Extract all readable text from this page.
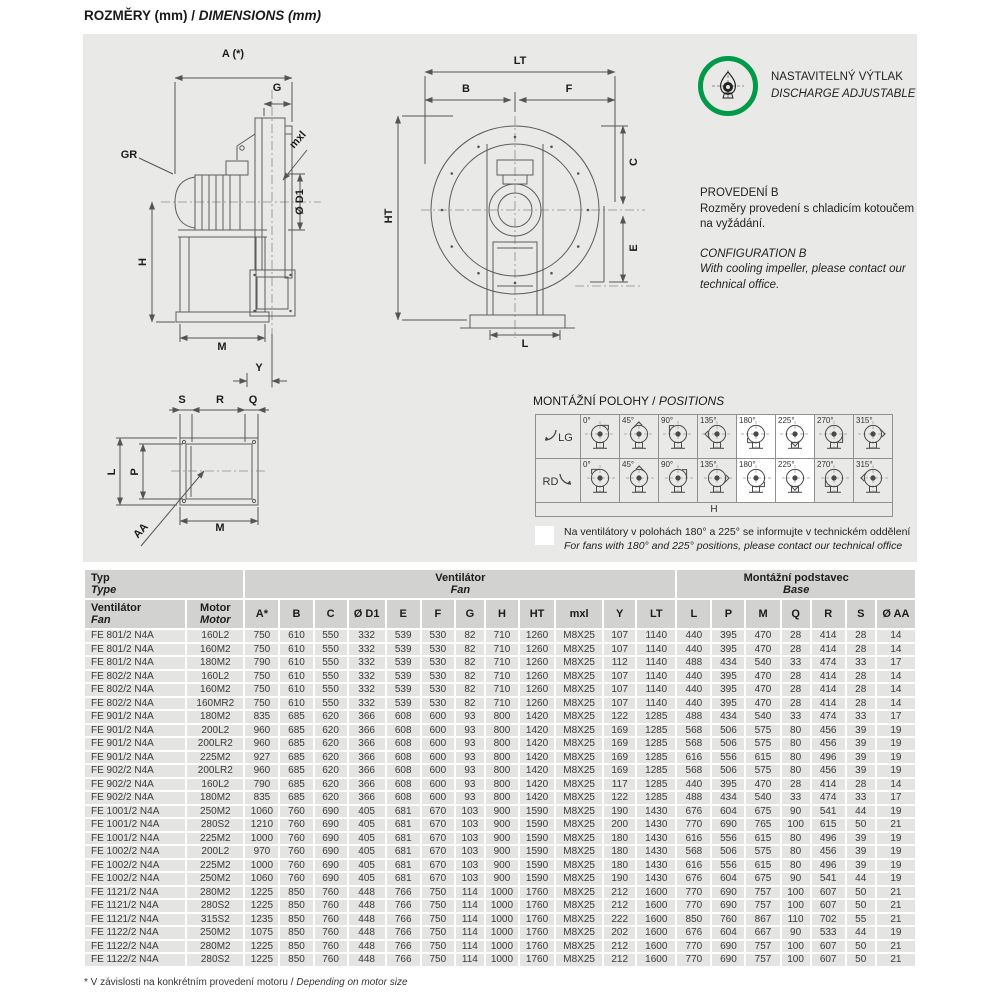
ROZMĚRY (mm) / DIMENSIONS (mm)
A (*)
G
GR
mxl
Ø D1
H
M
Y
LT
B	F
C
E
HT
L
S	R Q
L P
AA	M
NASTAVITELNÝ VÝTLAK
DISCHARGE ADJUSTABLE
PROVEDENÍ B
Rozměry provedení s chladicím kotoučem na vyžádání.
CONFIGURATION B
With cooling impeller, please contact our technical office.
MONTÁŽNÍ POLOHY / POSITIONS
LG	0°	45°	90°	135°	180°	225°	270°	315°

RD	0°	45°	90°	135°	180°	225°	270°	315°

H								
Na ventilátory v polohách 180° a 225° se informujte v technickém oddělení
For fans with 180° and 225° positions, please contact our technical office
Typ
Type

Ventilátor
Fan

Montážní podstavec
Base

Ventilátor
Fan

Motor
Motor	A*	B	C	Ø D1	E	F	G	H	HT	mxl	Y	LT	L	P	M	Q	R	S	Ø AA
FE 801/2 N4A	160L2	750	610	550	332	539	530	82	710	1260	M8X25	107	1140	440	395	470	28	414	28	14
FE 801/2 N4A	160M2	750	610	550	332	539	530	82	710	1260	M8X25	107	1140	440	395	470	28	414	28	14
FE 801/2 N4A	180M2	790	610	550	332	539	530	82	710	1260	M8X25	112	1140	488	434	540	33	474	33	17
FE 802/2 N4A	160L2	750	610	550	332	539	530	82	710	1260	M8X25	107	1140	440	395	470	28	414	28	14
FE 802/2 N4A	160M2	750	610	550	332	539	530	82	710	1260	M8X25	107	1140	440	395	470	28	414	28	14
FE 802/2 N4A	160MR2	750	610	550	332	539	530	82	710	1260	M8X25	107	1140	440	395	470	28	414	28	14
FE 901/2 N4A	180M2	835	685	620	366	608	600	93	800	1420	M8X25	122	1285	488	434	540	33	474	33	17
FE 901/2 N4A	200L2	960	685	620	366	608	600	93	800	1420	M8X25	169	1285	568	506	575	80	456	39	19
FE 901/2 N4A	200LR2	960	685	620	366	608	600	93	800	1420	M8X25	169	1285	568	506	575	80	456	39	19
FE 901/2 N4A	225M2	927	685	620	366	608	600	93	800	1420	M8X25	169	1285	616	556	615	80	496	39	19
FE 902/2 N4A	200LR2	960	685	620	366	608	600	93	800	1420	M8X25	169	1285	568	506	575	80	456	39	19
FE 902/2 N4A	160L2	790	685	620	366	608	600	93	800	1420	M8X25	117	1285	440	395	470	28	414	28	14
FE 902/2 N4A	180M2	835	685	620	366	608	600	93	800	1420	M8X25	122	1285	488	434	540	33	474	33	17
FE 1001/2 N4A	250M2	1060	760	690	405	681	670	103	900	1590	M8X25	190	1430	676	604	675	90	541	44	19
FE 1001/2 N4A	280S2	1210	760	690	405	681	670	103	900	1590	M8X25	200	1430	770	690	765	100	615	50	21
FE 1001/2 N4A	225M2	1000	760	690	405	681	670	103	900	1590	M8X25	180	1430	616	556	615	80	496	39	19
FE 1002/2 N4A	200L2	970	760	690	405	681	670	103	900	1590	M8X25	180	1430	568	506	575	80	456	39	19
FE 1002/2 N4A	225M2	1000	760	690	405	681	670	103	900	1590	M8X25	180	1430	616	556	615	80	496	39	19
FE 1002/2 N4A	250M2	1060	760	690	405	681	670	103	900	1590	M8X25	190	1430	676	604	675	90	541	44	19
FE 1121/2 N4A	280M2	1225	850	760	448	766	750	114	1000	1760	M8X25	212	1600	770	690	757	100	607	50	21
FE 1121/2 N4A	280S2	1225	850	760	448	766	750	114	1000	1760	M8X25	212	1600	770	690	757	100	607	50	21
FE 1121/2 N4A	315S2	1235	850	760	448	766	750	114	1000	1760	M8X25	222	1600	850	760	867	110	702	55	21
FE 1122/2 N4A	250M2	1075	850	760	448	766	750	114	1000	1760	M8X25	202	1600	676	604	667	90	533	44	19
FE 1122/2 N4A	280M2	1225	850	760	448	766	750	114	1000	1760	M8X25	212	1600	770	690	757	100	607	50	21
FE 1122/2 N4A	280S2	1225	850	760	448	766	750	114	1000	1760	M8X25	212	1600	770	690	757	100	607	50	21
* V závislosti na konkrétním provedení motoru / Depending on motor size
